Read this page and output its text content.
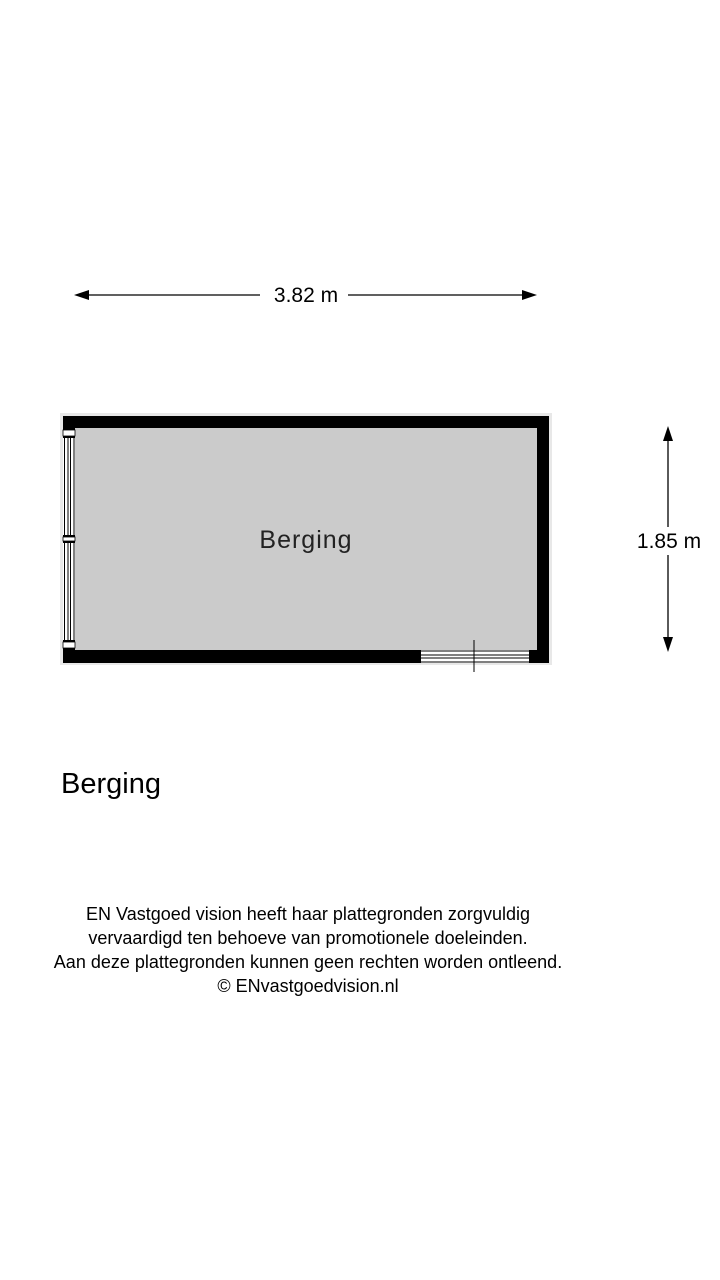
3.82 m
1.85 m
Berging
Berging
EN Vastgoed vision heeft haar plattegronden zorgvuldig
vervaardigd ten behoeve van promotionele doeleinden.
Aan deze plattegronden kunnen geen rechten worden ontleend.
© ENvastgoedvision.nl
